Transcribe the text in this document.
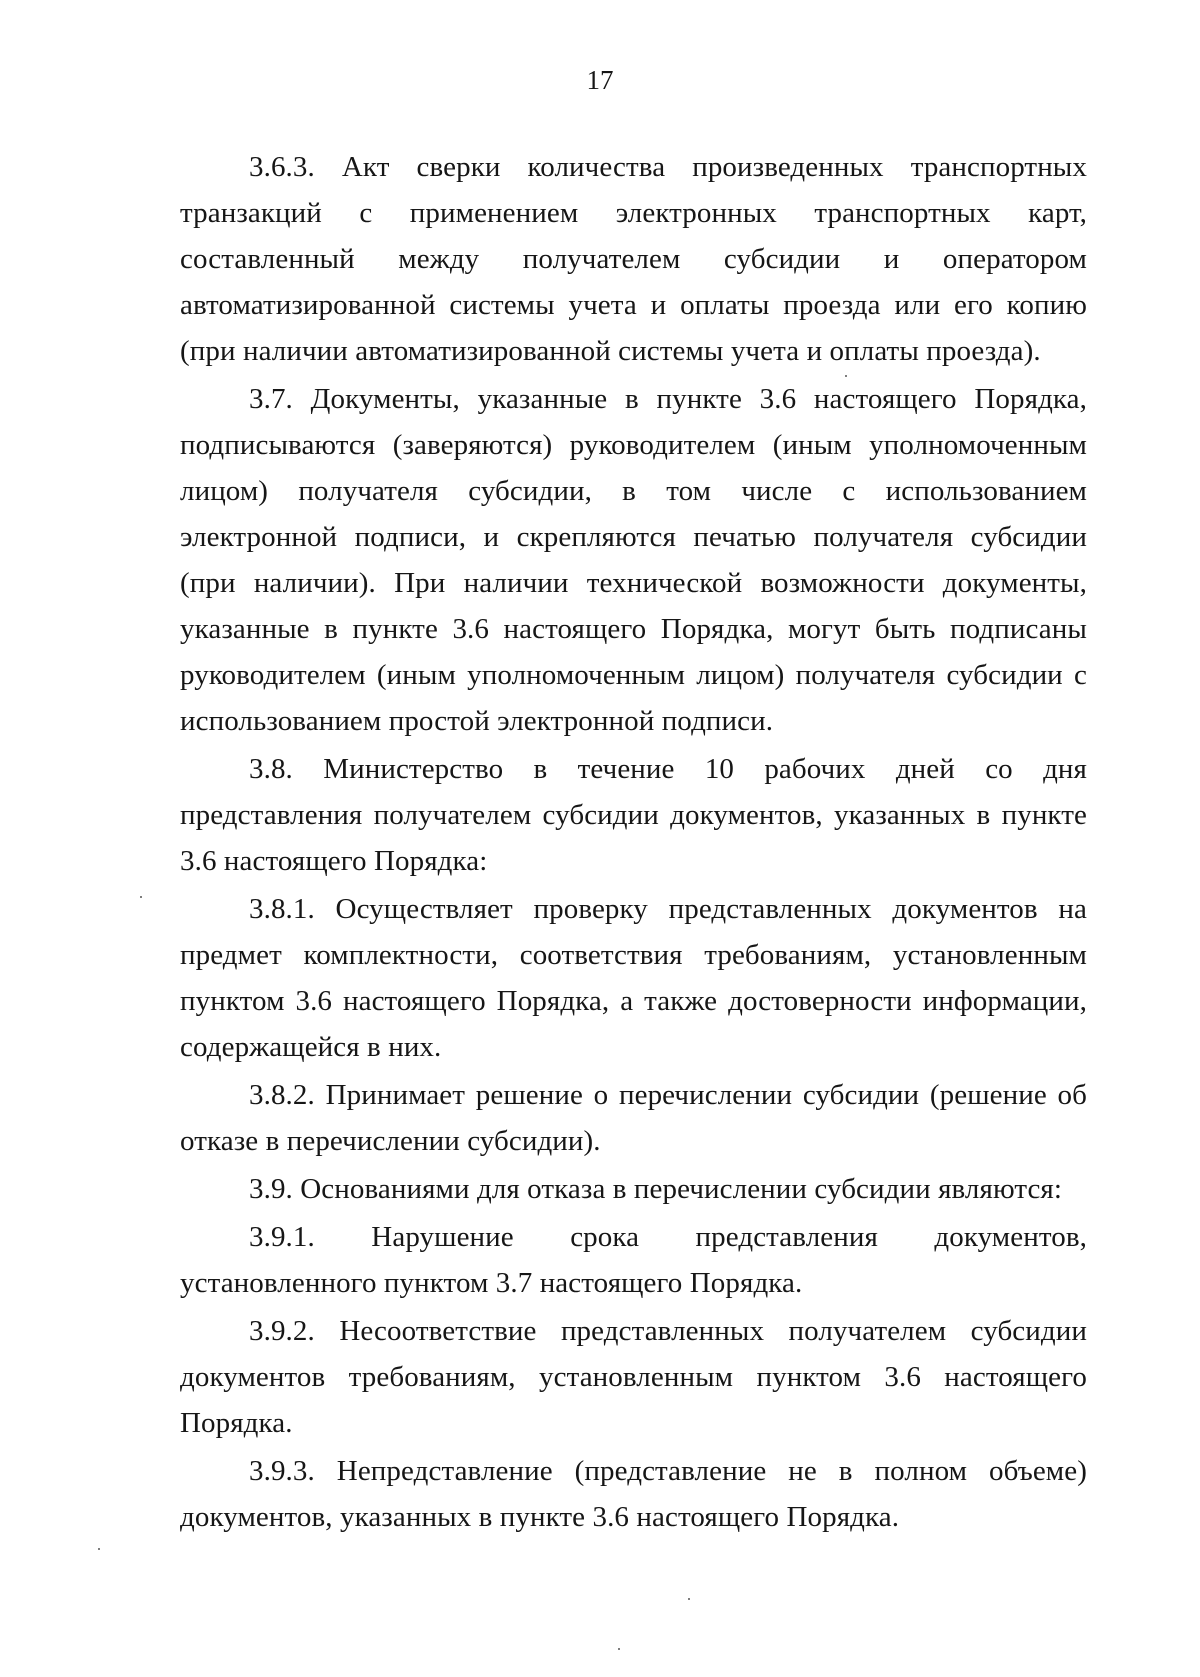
17

3.6.3. Акт сверки количества произведенных транспортных транзакций с применением электронных транспортных карт, составленный между получателем субсидии и оператором автоматизированной системы учета и оплаты проезда или его копию (при наличии автоматизированной системы учета и оплаты проезда).

3.7. Документы, указанные в пункте 3.6 настоящего Порядка, подписываются (заверяются) руководителем (иным уполномоченным лицом) получателя субсидии, в том числе с использованием электронной подписи, и скрепляются печатью получателя субсидии (при наличии). При наличии технической возможности документы, указанные в пункте 3.6 настоящего Порядка, могут быть подписаны руководителем (иным уполномоченным лицом) получателя субсидии с использованием простой электронной подписи.

3.8. Министерство в течение 10 рабочих дней со дня представления получателем субсидии документов, указанных в пункте 3.6 настоящего Порядка:

3.8.1. Осуществляет проверку представленных документов на предмет комплектности, соответствия требованиям, установленным пунктом 3.6 настоящего Порядка, а также достоверности информации, содержащейся в них.

3.8.2. Принимает решение о перечислении субсидии (решение об отказе в перечислении субсидии).

3.9. Основаниями для отказа в перечислении субсидии являются:

3.9.1. Нарушение срока представления документов, установленного пунктом 3.7 настоящего Порядка.

3.9.2. Несоответствие представленных получателем субсидии документов требованиям, установленным пунктом 3.6 настоящего Порядка.

3.9.3. Непредставление (представление не в полном объеме) документов, указанных в пункте 3.6 настоящего Порядка.
